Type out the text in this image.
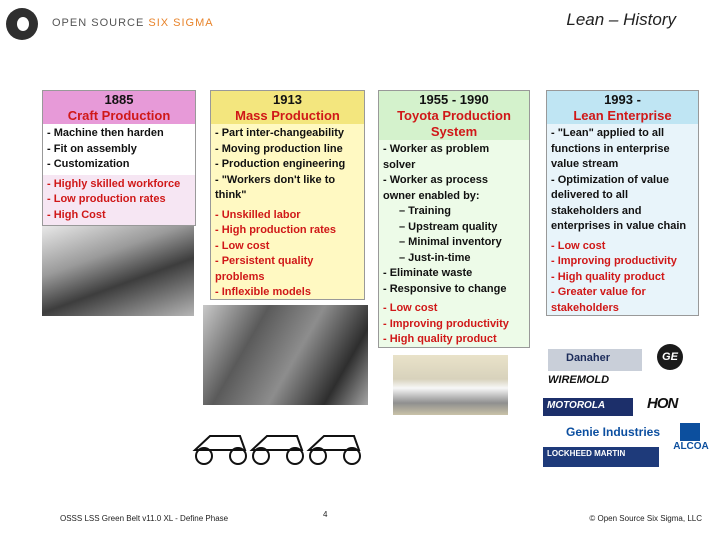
OPEN SOURCE SIX SIGMA	Lean – History
1885
Craft Production
- Machine then harden
- Fit on assembly
- Customization
- Highly skilled workforce
- Low production rates
- High Cost
1913
Mass Production
- Part inter-changeability
- Moving production line
- Production engineering
- "Workers don't like to
think"
- Unskilled labor
- High production rates
- Low cost
- Persistent quality
problems
- Inflexible models
1955 - 1990
Toyota Production
System
- Worker as problem
solver
- Worker as process
owner enabled by:
– Training
– Upstream quality
– Minimal inventory
– Just-in-time
- Eliminate waste
- Responsive to change
- Low cost
- Improving productivity
- High quality product
1993 -
Lean Enterprise
- "Lean" applied to all
functions in enterprise
value stream
- Optimization of value
delivered to all
stakeholders and
enterprises in value chain
- Low cost
- Improving productivity
- High quality product
- Greater value for
stakeholders
Danaher	GE
WIREMOLD
MOTOROLA	HON
Genie Industries
ALCOA
LOCKHEED MARTIN
OSSS LSS Green Belt v11.0 XL - Define Phase	4	© Open Source Six Sigma, LLC
